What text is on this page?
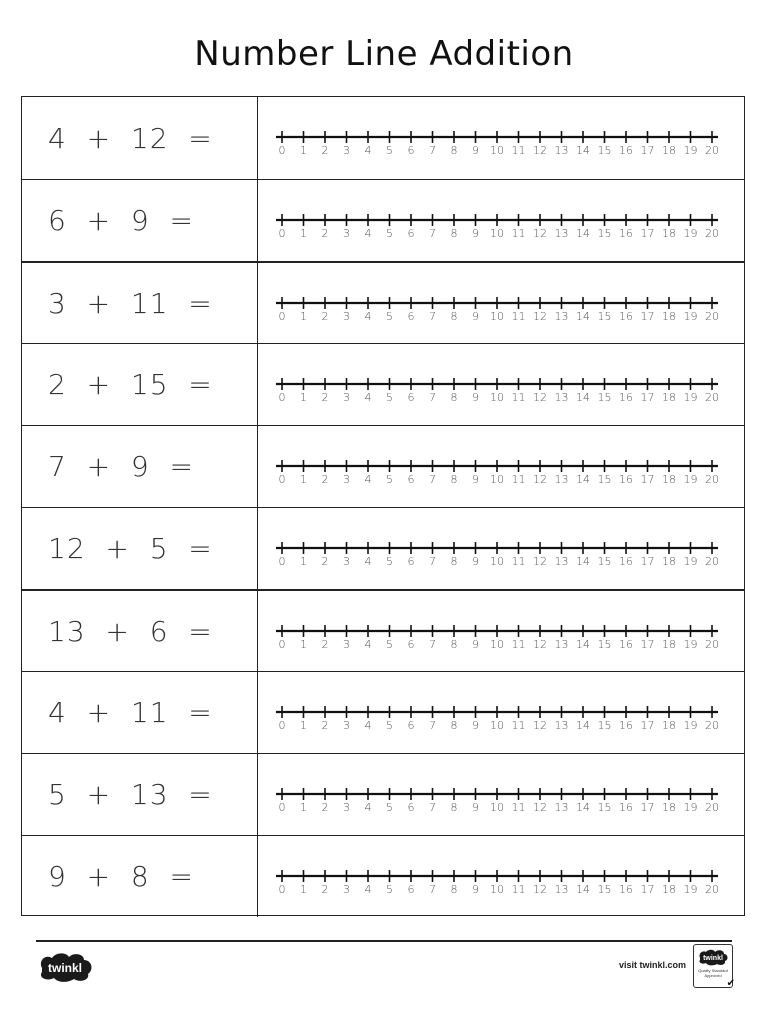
Number Line Addition
4  +  12  =	0 1 2 3 4 5 6 7 8 9 10 11 12 13 14 15 16 17 18 19 20
6  +  9  =	0 1 2 3 4 5 6 7 8 9 10 11 12 13 14 15 16 17 18 19 20
3  +  11  =	0 1 2 3 4 5 6 7 8 9 10 11 12 13 14 15 16 17 18 19 20
2  +  15  =	0 1 2 3 4 5 6 7 8 9 10 11 12 13 14 15 16 17 18 19 20
7  +  9  =	0 1 2 3 4 5 6 7 8 9 10 11 12 13 14 15 16 17 18 19 20
12  +  5  =	0 1 2 3 4 5 6 7 8 9 10 11 12 13 14 15 16 17 18 19 20
13  +  6  =	0 1 2 3 4 5 6 7 8 9 10 11 12 13 14 15 16 17 18 19 20
4  +  11  =	0 1 2 3 4 5 6 7 8 9 10 11 12 13 14 15 16 17 18 19 20
5  +  13  =	0 1 2 3 4 5 6 7 8 9 10 11 12 13 14 15 16 17 18 19 20
9  +  8  =	0 1 2 3 4 5 6 7 8 9 10 11 12 13 14 15 16 17 18 19 20
twinkl	visit twinkl.com
twinkl
Quality Standard
Approved
✔
